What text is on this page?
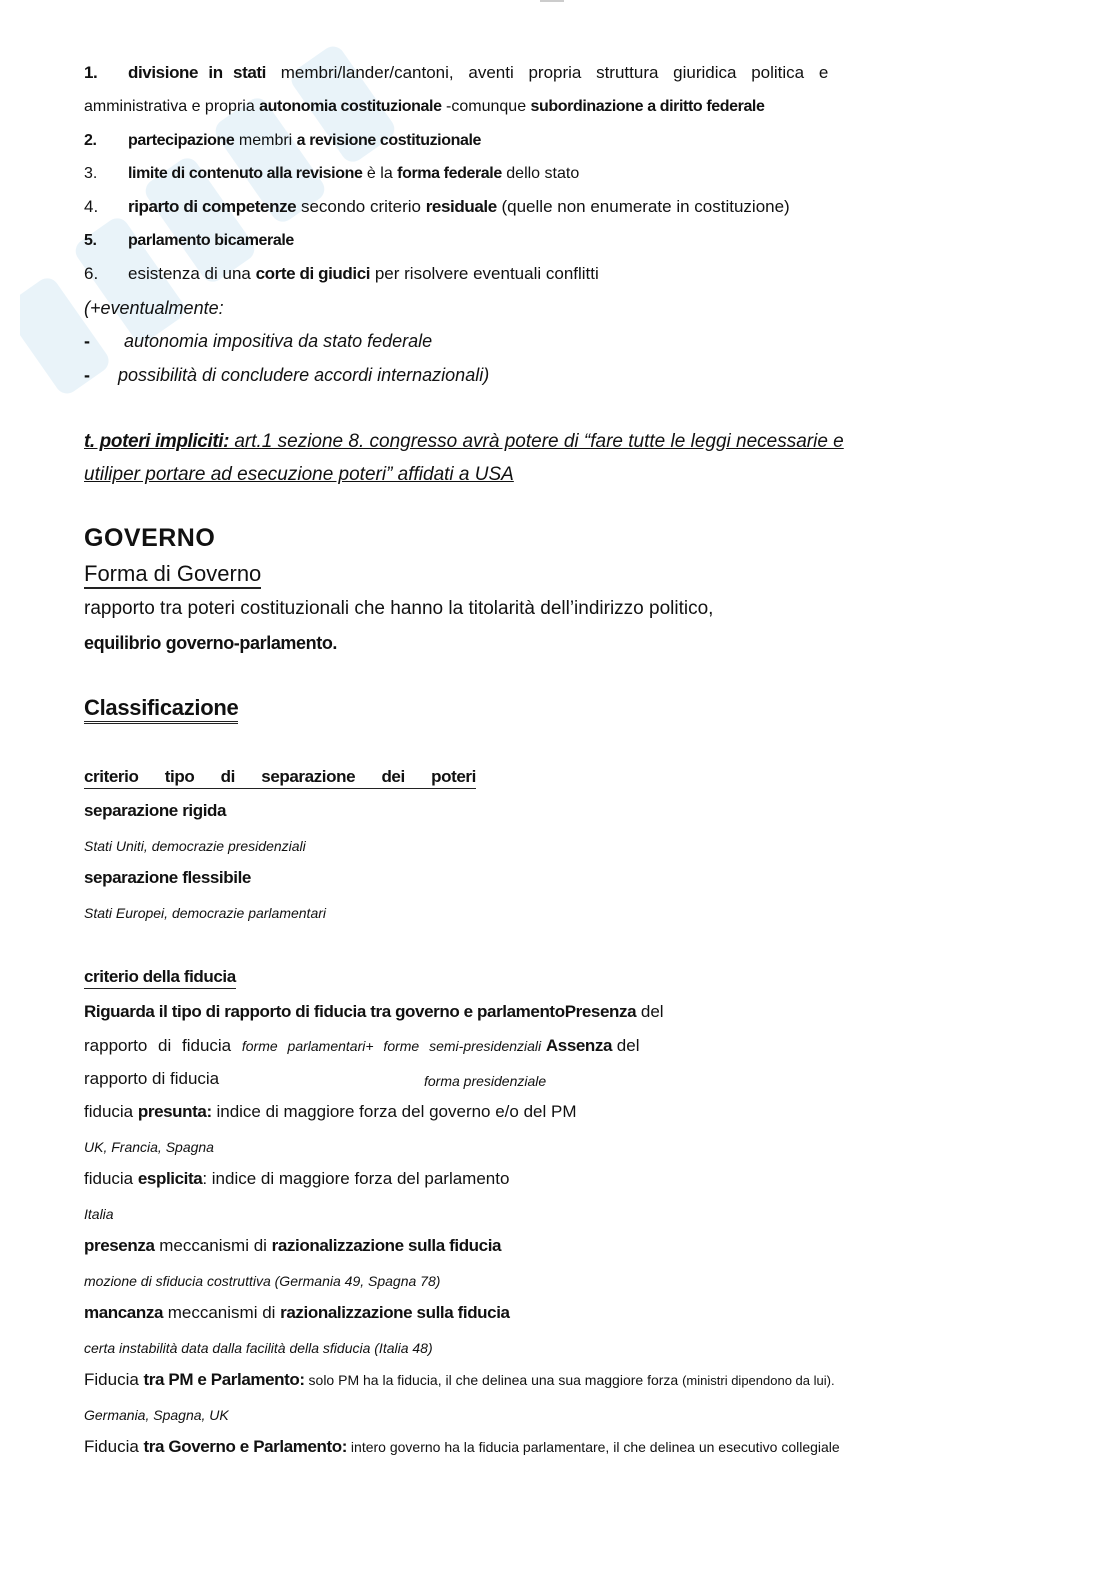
1. divisione in stati membri/lander/cantoni, aventi propria struttura giuridica politica e
amministrativa e propria autonomia costituzionale -comunque subordinazione a diritto federale
2. partecipazione membri a revisione costituzionale
3. limite di contenuto alla revisione è la forma federale dello stato
4. riparto di competenze secondo criterio residuale (quelle non enumerate in costituzione)
5. parlamento bicamerale
6. esistenza di una corte di giudici per risolvere eventuali conflitti
(+eventualmente:
- autonomia impositiva da stato federale
- possibilità di concludere accordi internazionali)
t. poteri impliciti: art.1 sezione 8. congresso avrà potere di “fare tutte le leggi necessarie e
utiliper portare ad esecuzione poteri” affidati a USA
GOVERNO
Forma di Governo
rapporto tra poteri costituzionali che hanno la titolarità dell’indirizzo politico,
equilibrio governo-parlamento.
Classificazione
criterio tipo di separazione dei poteri
separazione rigida
Stati Uniti, democrazie presidenziali
separazione flessibile
Stati Europei, democrazie parlamentari
criterio della fiducia
Riguarda il tipo di rapporto di fiducia tra governo e parlamentoPresenza del
rapporto di fiducia forme parlamentari+ forme semi-presidenziali Assenza del
rapporto di fiducia	forma presidenziale
fiducia presunta: indice di maggiore forza del governo e/o del PM
UK, Francia, Spagna
fiducia esplicita: indice di maggiore forza del parlamento
Italia
presenza meccanismi di razionalizzazione sulla fiducia
mozione di sfiducia costruttiva (Germania 49, Spagna 78)
mancanza meccanismi di razionalizzazione sulla fiducia
certa instabilità data dalla facilità della sfiducia (Italia 48)
Fiducia tra PM e Parlamento: solo PM ha la fiducia, il che delinea una sua maggiore forza (ministri dipendono da lui).
Germania, Spagna, UK
Fiducia tra Governo e Parlamento: intero governo ha la fiducia parlamentare, il che delinea un esecutivo collegiale
